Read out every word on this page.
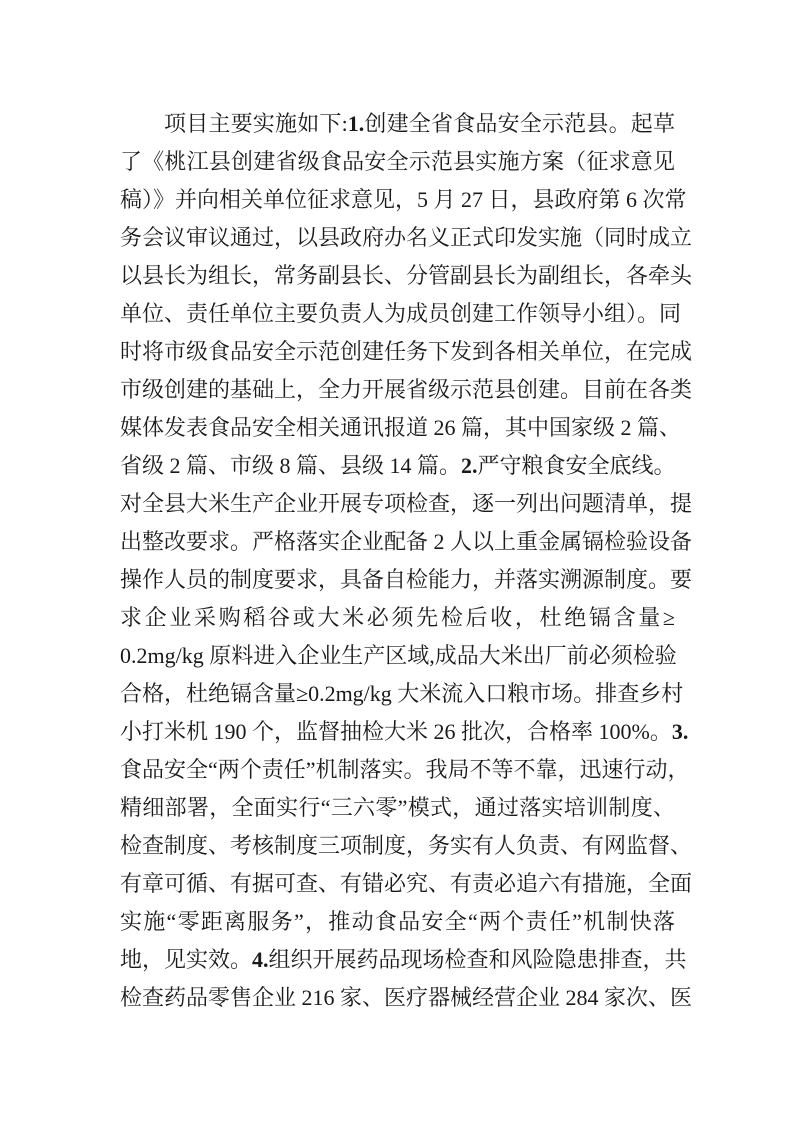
项目主要实施如下:1.创建全省食品安全示范县。起草
了《桃江县创建省级食品安全示范县实施方案（征求意见
稿）》并向相关单位征求意见，5 月 27 日，县政府第 6 次常
务会议审议通过，以县政府办名义正式印发实施（同时成立
以县长为组长，常务副县长、分管副县长为副组长，各牵头
单位、责任单位主要负责人为成员创建工作领导小组）。同
时将市级食品安全示范创建任务下发到各相关单位，在完成
市级创建的基础上，全力开展省级示范县创建。目前在各类
媒体发表食品安全相关通讯报道 26 篇，其中国家级 2 篇、
省级 2 篇、市级 8 篇、县级 14 篇。2.严守粮食安全底线。
对全县大米生产企业开展专项检查，逐一列出问题清单，提
出整改要求。严格落实企业配备 2 人以上重金属镉检验设备
操作人员的制度要求，具备自检能力，并落实溯源制度。要
求企业采购稻谷或大米必须先检后收，杜绝镉含量≥
0.2mg/kg 原料进入企业生产区域,成品大米出厂前必须检验
合格，杜绝镉含量≥0.2mg/kg 大米流入口粮市场。排查乡村
小打米机 190 个，监督抽检大米 26 批次，合格率 100%。3.
食品安全“两个责任”机制落实。我局不等不靠，迅速行动，
精细部署，全面实行“三六零”模式，通过落实培训制度、
检查制度、考核制度三项制度，务实有人负责、有网监督、
有章可循、有据可查、有错必究、有责必追六有措施，全面
实施“零距离服务”，推动食品安全“两个责任”机制快落
地，见实效。4.组织开展药品现场检查和风险隐患排查，共
检查药品零售企业 216 家、医疗器械经营企业 284 家次、医
